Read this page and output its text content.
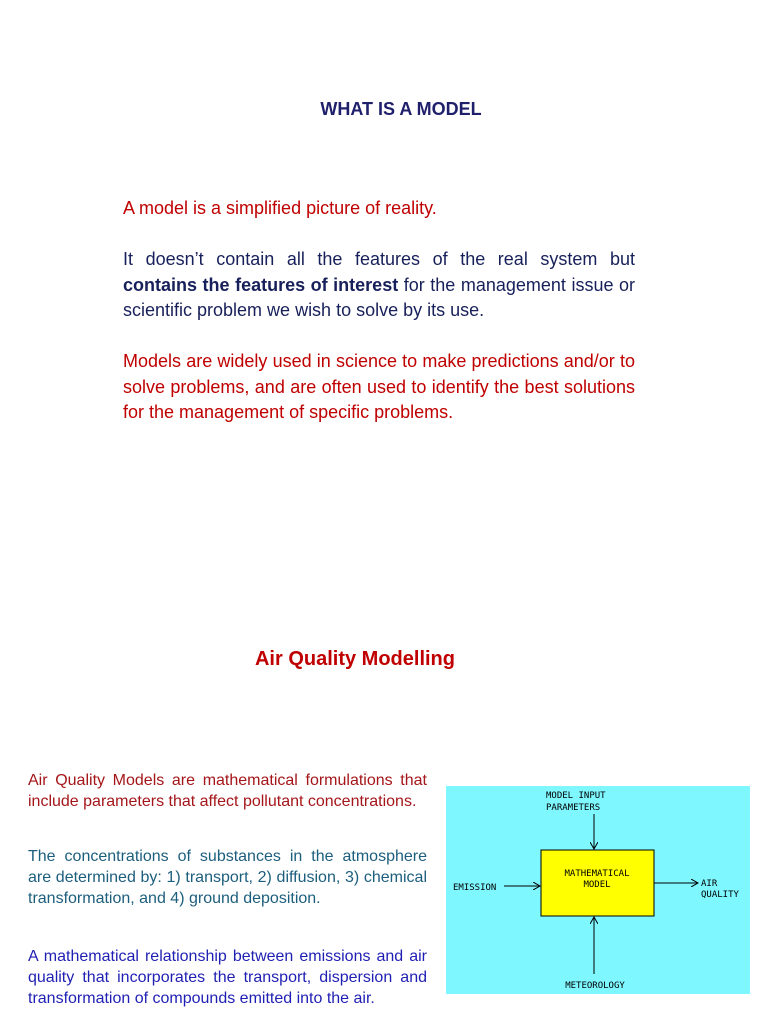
WHAT IS A MODEL

A model is a simplified picture of reality.

It doesn’t contain all the features of the real system but contains the features of interest for the management issue or scientific problem we wish to solve by its use.

Models are widely used in science to make predictions and/or to solve problems, and are often used to identify the best solutions for the management of specific problems.

Air Quality Modelling

Air Quality Models are mathematical formulations that include parameters that affect pollutant concentrations.

The concentrations of substances in the atmosphere are determined by: 1) transport, 2) diffusion, 3) chemical transformation, and 4) ground deposition.

A mathematical relationship between emissions and air quality that incorporates the transport, dispersion and transformation of compounds emitted into the air.

MODEL INPUT
PARAMETERS
MATHEMATICAL
MODEL
EMISSION	AIR
QUALITY
METEOROLOGY
